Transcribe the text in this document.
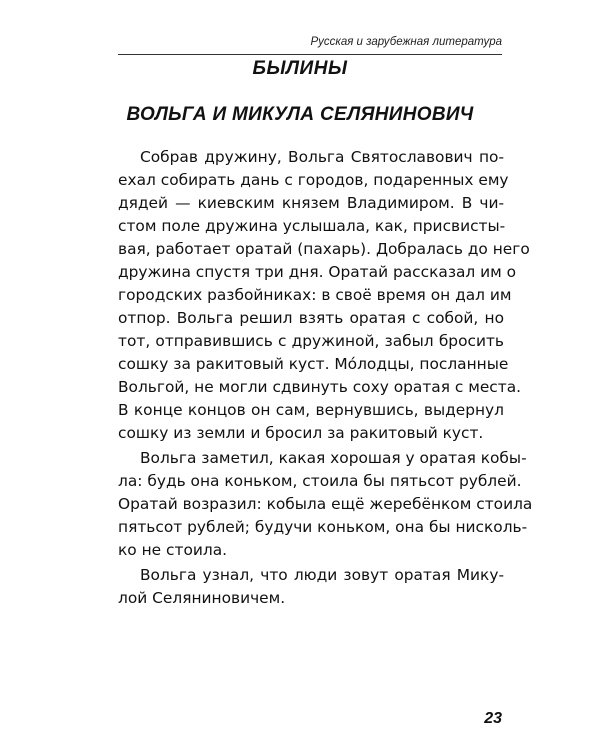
Русская и зарубежная литература
БЫЛИНЫ
ВОЛЬГА И МИКУЛА СЕЛЯНИНОВИЧ
Собрав дружину, Вольга Святославович по-
ехал собирать дань с городов, подаренных ему
дядей — киевским князем Владимиром. В чи-
стом поле дружина услышала, как, присвисты-
вая, работает оратай (пахарь). Добралась до него
дружина спустя три дня. Оратай рассказал им о
городских разбойниках: в своё время он дал им
отпор. Вольга решил взять оратая с собой, но
тот, отправившись с дружиной, забыл бросить
сошку за ракитовый куст. Мо́лодцы, посланные
Вольгой, не могли сдвинуть соху оратая с места.
В конце концов он сам, вернувшись, выдернул
сошку из земли и бросил за ракитовый куст.
Вольга заметил, какая хорошая у оратая кобы-
ла: будь она коньком, стоила бы пятьсот рублей.
Оратай возразил: кобыла ещё жеребёнком стоила
пятьсот рублей; будучи коньком, она бы нисколь-
ко не стоила.
Вольга узнал, что люди зовут оратая Мику-
лой Селяниновичем.
23
